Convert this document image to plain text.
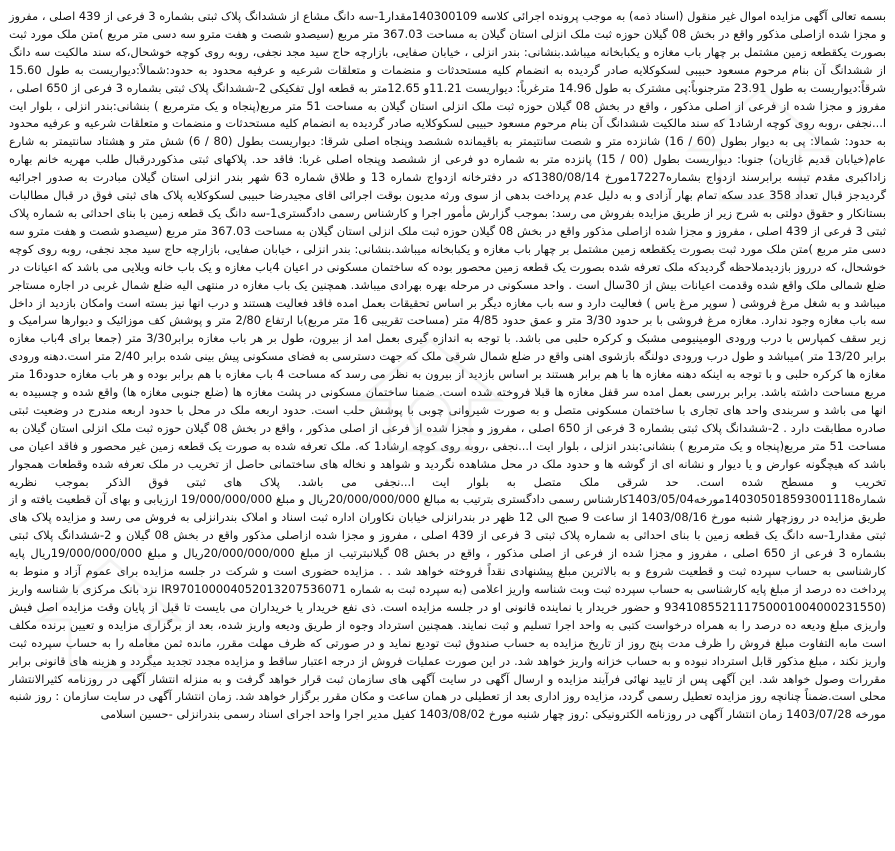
بسمه تعالی آگهی مزایده اموال غیر منقول (اسناد ذمه) به موجب پرونده اجرائی کلاسه 140300109مقدار1-سه دانگ مشاع از ششدانگ پلاک ثبتی بشماره 3 فرعی از 439 اصلی ، مفروز و مجزا شده ازاصلی مذکور واقع در بخش 08 گیلان حوزه ثبت ملک انزلی استان گیلان به مساحت 367.03 متر مربع (سیصدو شصت و هفت مترو سه دسی متر مربع )متن ملک مورد ثبت بصورت یکقطعه زمین مشتمل بر چهار باب مغازه و یکبابخانه میباشد.بنشانی: بندر انزلی ، خیابان صفایی، بازارچه حاج سید مجد نجفی، روبه روی کوچه خوشحال،که سند مالکیت سه دانگ از ششدانگ آن بنام مرحوم مسعود حبیبی لسکوکلایه صادر گردیده به انضمام کلیه مستحدثات و منضمات و متعلقات شرعیه و عرفیه محدود به حدود:شمالاً:دیواریست به طول 15.60 شرقاً:دیواریست به طول 23.91 مترجنوباً:پی مشترک به طول 14.96 مترغرباً: دیواریست 11.21و 12.65متر به قطعه اول تفکیکی 2-ششدانگ پلاک ثبتی بشماره 3 فرعی از 650 اصلی ، مفروز و مجزا شده از فرعی از اصلی مذکور ، واقع در بخش 08 گیلان حوزه ثبت ملک انزلی استان گیلان به مساحت 51 متر مربع(پنجاه و یک مترمربع ) بنشانی:بندر انزلی ، بلوار ایت ا...نجفی ،روبه روی کوچه ارشاد1 که سند مالکیت ششدانگ آن بنام مرحوم مسعود حبیبی لسکوکلایه صادر گردیده به انضمام کلیه مستحدثات و منضمات و متعلقات شرعیه و عرفیه محدود به حدود: شمالا: پی به دیوار بطول (60 / 16) شانزده متر و شصت سانتیمتر به باقیمانده ششصد وپنجاه اصلی شرقا: دیواریست بطول (80 / 6) شش متر و هشتاد سانتیمتر به شارع عام(خیابان قدیم غازیان) جنوبا: دیواریست بطول (00 / 15) پانزده متر به شماره دو فرعی از ششصد وپنجاه اصلی غربا: فاقد حد. پلاکهای ثبتی مذکوردرقبال طلب مهریه خانم بهاره زاداکبری مقدم تیسه برابرسند ازدواج بشماره17227مورخ 1380/08/14که در دفترخانه ازدواج شماره 13 و طلاق شماره 63 شهر بندر انزلی استان گیلان مبادرت به صدور اجرائیه گردیدجز قبال تعداد 358 عدد سکه تمام بهار آزادی و به دلیل عدم پرداخت بدهی از سوی ورثه مدیون بوقت اجرائی اقای مجیدرضا حبیبی لسکوکلایه پلاک های ثبتی فوق در قبال مطالبات بستانکار و حقوق دولتی به شرح زیر از طریق مزایده بفروش می رسد: بموجب گزارش مأمور اجرا و کارشناس رسمی دادگستری1-سه دانگ یک قطعه زمین با بنای احداثی به شماره پلاک ثبتی 3 فرعی از 439 اصلی ، مفروز و مجزا شده ازاصلی مذکور واقع در بخش 08 گیلان حوزه ثبت ملک انزلی استان گیلان به مساحت 367.03 متر مربع (سیصدو شصت و هفت مترو سه دسی متر مربع )متن ملک مورد ثبت بصورت یکقطعه زمین مشتمل بر چهار باب مغازه و یکبابخانه میباشد.بنشانی: بندر انزلی ، خیابان صفایی، بازارچه حاج سید مجد نجفی، روبه روی کوچه خوشحال، که درروز بازدیدملاحظه گردیدکه ملک تعرفه شده بصورت یک قطعه زمین محصور بوده که ساختمان مسکونی در اعیان 4باب مغازه و یک باب خانه ویلایی می باشد که اعیانات در ضلع شمالی ملک واقع شده وقدمت اعیانات بیش از 30سال است . واحد مسکونی در مرحله بهره بهرادی میباشد. همچنین یک باب مغازه در منتهی الیه ضلع شمال غربی در اجاره مستاجر میباشد و به شغل مرغ فروشی ( سوپر مرغ یاس ) فعالیت دارد و سه باب مغازه دیگر بر اساس تحقیقات بعمل امده فاقد فعالیت هستند و درب انها نیز بسته است وامکان بازدید از داخل سه باب مغازه وجود ندارد. مغازه مرغ فروشی با بر حدود 3/30 متر و عمق حدود 4/85 متر (مساحت تقریبی 16 متر مربع)با ارتفاع 2/80 متر و پوشش کف موزائیک و دیوارها سرامیک و زیر سقف کمپارس با درب ورودی الومینیومی مشبک و کرکره حلبی می باشد. با توجه به اندازه گیری بعمل امد از بیرون، طول بر هر باب مغازه برابر3/30 متر (جمعا برای 4باب مغازه برابر 13/20 متر )میباشد و طول درب ورودی دولنگه بازشوی اهنی واقع در ضلع شمال شرقی ملک که جهت دسترسی به فضای مسکونی پیش بینی شده برابر 2/40 متر است.دهنه ورودی مغازه ها کرکره حلبی و با توجه به اینکه دهنه مغازه ها با هم برابر هستند بر اساس بازدید از بیرون به نظر می رسد که مساحت 4 باب مغازه با هم برابر بوده و هر باب مغازه حدود16 متر مربع مساحت داشته باشد. برابر بررسی بعمل امده سر قفل مغازه ها قبلا فروخته شده است. ضمنا ساختمان مسکونی در پشت مغازه ها (ضلع جنوبی مغازه ها) واقع شده و چسبیده به انها می باشد و سربندی واحد های تجاری با ساختمان مسکونی متصل و به صورت شیروانی چوبی با پوشش حلب است. حدود اربعه ملک در محل با حدود اربعه مندرج در وضعیت ثبتی صادره مطابقت دارد . 2-ششدانگ پلاک ثبتی بشماره 3 فرعی از 650 اصلی ، مفروز و مجزا شده از فرعی از اصلی مذکور ، واقع در بخش 08 گیلان حوزه ثبت ملک انزلی استان گیلان به مساحت 51 متر مربع(پنجاه و یک مترمربع ) بنشانی:بندر انزلی ، بلوار ایت ا...نجفی ،روبه روی کوچه ارشاد1 که. ملک تعرفه شده به صورت یک قطعه زمین غیر محصور و فاقد اعیان می باشد که هیچگونه عوارض و یا دیوار و نشانه ای از گوشه ها و حدود ملک در محل مشاهده نگردید و شواهد و نخاله های ساختمانی حاصل از تخریب در ملک تعرفه شده وقطعات همجوار تخریب و مسطح شده است. حد شرقی ملک متصل به بلوار ایت ا...نجفی می باشد. پلاک های ثبتی فوق الذکر بموجب نظریه شماره140305018593001118مورخه1403/05/04کارشناس رسمی دادگستری بترتیب به مبالغ 20/000/000/000ریال و مبلغ 19/000/000/000 ارزیابی و بهای آن قطعیت یافته و از طریق مزایده در روزچهار شنبه مورخ 1403/08/16 از ساعت 9 صبح الی 12 ظهر در بندرانزلی خیابان نکاوران اداره ثبت اسناد و املاک بندرانزلی به فروش می رسد و مزایده پلاک های ثبتی مقدار1-سه دانگ یک قطعه زمین با بنای احداثی به شماره پلاک ثبتی 3 فرعی از 439 اصلی ، مفروز و مجزا شده ازاصلی مذکور واقع در بخش 08 گیلان و 2-ششدانگ پلاک ثبتی بشماره 3 فرعی از 650 اصلی ، مفروز و مجزا شده از فرعی از اصلی مذکور ، واقع در بخش 08 گیلانبترتیب از مبلغ 20/000/000/000ریال و مبلغ 19/000/000/000ریال پایه کارشناسی به حساب سپرده ثبت و قطعیت شروع و به بالاترین مبلغ پیشنهادی نقداً فروخته خواهد شد . . مزایده حضوری است و شرکت در جلسه مزایده برای عموم آزاد و منوط به پرداخت ده درصد از مبلغ پایه کارشناسی به حساب سپرده ثبت وبت شناسه واریز اعلامی (به سپرده ثبت به شماره IR970100004052013207536071 نزد بانک مرکزی با شناسه واریز (934108552111750001004000231550 و حضور خریدار یا نماینده قانونی او در جلسه مزایده است. ذی نفع خریدار یا خریداران می بایست تا قبل از پایان وقت مزایده اصل فیش واریزی مبلغ ودیعه ده درصد را به همراه درخواست کتبی به واحد اجرا تسلیم و ثبت نمایند. همچنین استرداد وجوه از طریق ودیعه واریز شده، بعد از برگزاری مزایده و تعیین برنده مکلف است مابه التفاوت مبلغ فروش را ظرف مدت پنج روز از تاریخ مزایده به حساب صندوق ثبت تودیع نماید و در صورتی که ظرف مهلت مقرر، مانده ثمن معامله را به حساب سپرده ثبت واریز نکند ، مبلغ مذکور قابل استرداد نبوده و به حساب خزانه واریز خواهد شد. در این صورت عملیات فروش از درجه اعتبار ساقط و مزایده مجدد تجدید میگردد و هزینه های قانونی برابر مقررات وصول خواهد شد. این آگهی پس از تایید نهائی فرآیند مزایده و ارسال آگهی در سایت آگهی های سازمان ثبت قرار خواهد گرفت و به منزله انتشار آگهی در روزنامه کثیرالانتشار محلی است.ضمناً چنانچه روز مزایده تعطیل رسمی گردد، مزایده روز اداری بعد از تعطیلی در همان ساعت و مکان مقرر برگزار خواهد شد. زمان انتشار آگهی در سایت سازمان : روز شنبه مورخه 1403/07/28 زمان انتشار آگهی در روزنامه الکترونیکی :روز چهار شنبه مورخ 1403/08/02 کفیل مدیر اجرا واحد اجرای اسناد رسمی بندرانزلی -حسین اسلامی
